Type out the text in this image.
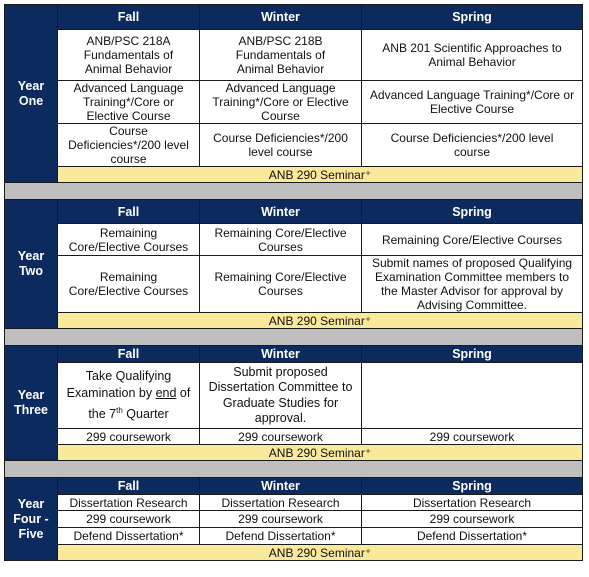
Year
One	Fall	Winter	Spring

	ANB/PSC 218A
Fundamentals of
Animal Behavior	ANB/PSC 218B
Fundamentals of
Animal Behavior	ANB 201 Scientific Approaches to
Animal Behavior

	Advanced Language
Training*/Core or
Elective Course	Advanced Language
Training*/Core or Elective
Course	Advanced Language Training*/Core or
Elective Course

	Course
Deficiencies*/200 level
course	Course Deficiencies*/200
level course	Course Deficiencies*/200 level
course

	ANB 290 Seminar⁺		

Year
Two	Fall	Winter	Spring

	Remaining
Core/Elective Courses	Remaining Core/Elective
Courses	Remaining Core/Elective Courses

	Remaining
Core/Elective Courses	Remaining Core/Elective
Courses	Submit names of proposed Qualifying
Examination Committee members to
the Master Advisor for approval by
Advising Committee.

	ANB 290 Seminar⁺		

Year
Three	Fall	Winter	Spring
	Take Qualifying
Examination by end of
the 7th Quarter	Submit proposed
Dissertation Committee to
Graduate Studies for
approval.	

	299 coursework	299 coursework	299 coursework

	ANB 290 Seminar⁺		

Year
Four -
Five	Fall	Winter	Spring

	Dissertation Research	Dissertation Research	Dissertation Research

	299 coursework	299 coursework	299 coursework

	Defend Dissertation*	Defend Dissertation*	Defend Dissertation*

	ANB 290 Seminar⁺		
